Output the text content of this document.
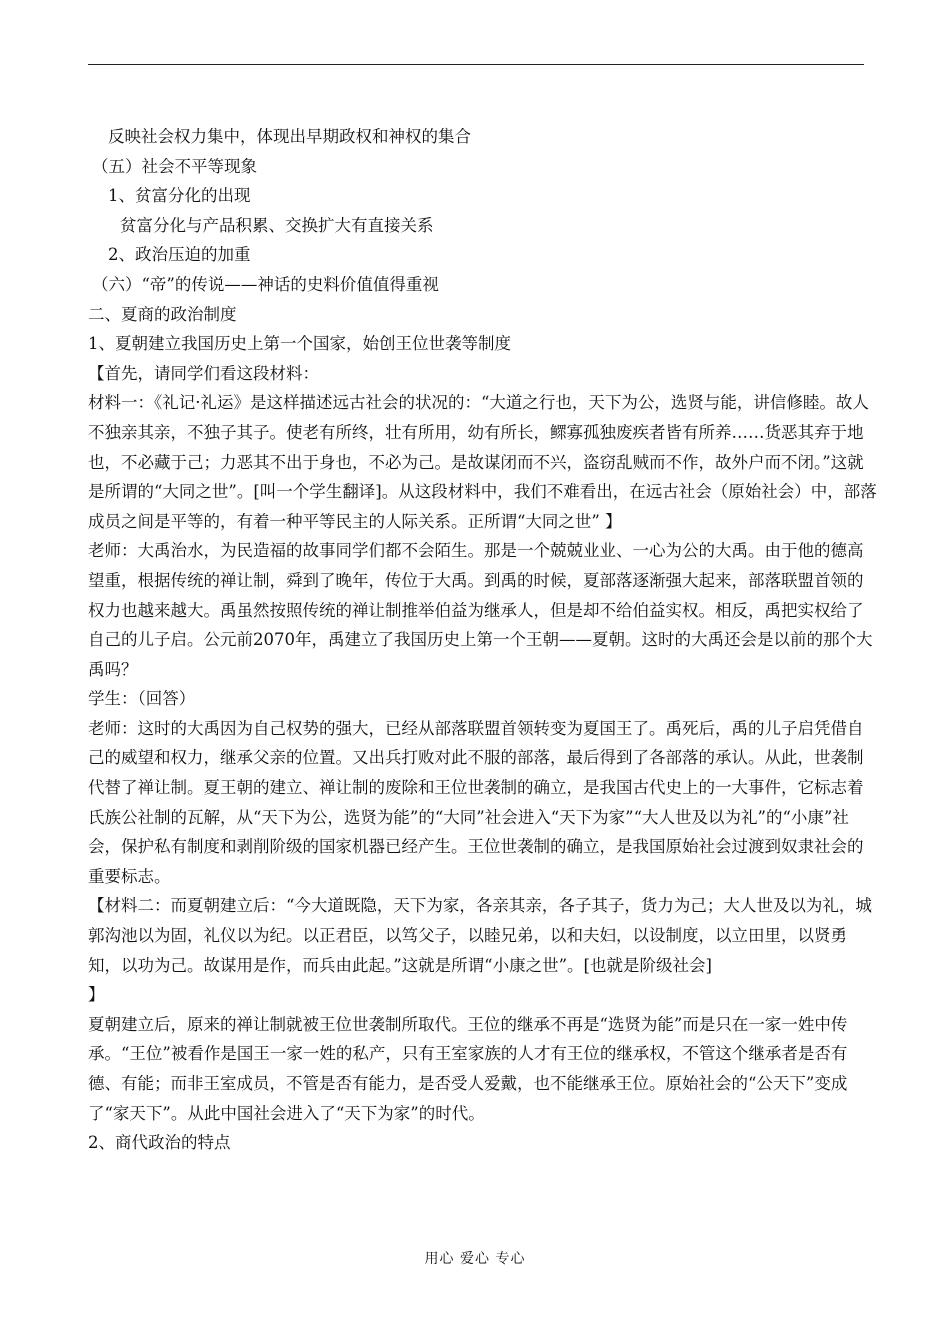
反映社会权力集中，体现出早期政权和神权的集合

（五）社会不平等现象

1、贫富分化的出现

贫富分化与产品积累、交换扩大有直接关系

2、政治压迫的加重

（六）“帝”的传说——神话的史料价值值得重视

二、夏商的政治制度

1、夏朝建立我国历史上第一个国家，始创王位世袭等制度

【首先，请同学们看这段材料：

材料一：《礼记·礼运》是这样描述远古社会的状况的：“大道之行也，天下为公，选贤与能，讲信修睦。故人不独亲其亲，不独子其子。使老有所终，壮有所用，幼有所长，鳏寡孤独废疾者皆有所养……货恶其弃于地也，不必藏于己；力恶其不出于身也，不必为己。是故谋闭而不兴，盗窃乱贼而不作，故外户而不闭。”这就是所谓的“大同之世”。[叫一个学生翻译]。从这段材料中，我们不难看出，在远古社会（原始社会）中，部落成员之间是平等的，有着一种平等民主的人际关系。正所谓“大同之世” 】

老师：大禹治水，为民造福的故事同学们都不会陌生。那是一个兢兢业业、一心为公的大禹。由于他的德高望重，根据传统的禅让制，舜到了晚年，传位于大禹。到禹的时候，夏部落逐渐强大起来，部落联盟首领的权力也越来越大。禹虽然按照传统的禅让制推举伯益为继承人，但是却不给伯益实权。相反，禹把实权给了自己的儿子启。公元前2070年，禹建立了我国历史上第一个王朝——夏朝。这时的大禹还会是以前的那个大禹吗？

学生：（回答）

老师：这时的大禹因为自己权势的强大，已经从部落联盟首领转变为夏国王了。禹死后，禹的儿子启凭借自己的威望和权力，继承父亲的位置。又出兵打败对此不服的部落，最后得到了各部落的承认。从此，世袭制代替了禅让制。夏王朝的建立、禅让制的废除和王位世袭制的确立，是我国古代史上的一大事件，它标志着氏族公社制的瓦解，从“天下为公，选贤为能”的“大同”社会进入“天下为家”“大人世及以为礼”的“小康”社会，保护私有制度和剥削阶级的国家机器已经产生。王位世袭制的确立，是我国原始社会过渡到奴隶社会的重要标志。

【材料二：而夏朝建立后：“今大道既隐，天下为家，各亲其亲，各子其子，货力为己；大人世及以为礼，城郭沟池以为固，礼仪以为纪。以正君臣，以笃父子，以睦兄弟，以和夫妇，以设制度，以立田里，以贤勇知，以功为己。故谋用是作，而兵由此起。”这就是所谓“小康之世”。[也就是阶级社会]

】

夏朝建立后，原来的禅让制就被王位世袭制所取代。王位的继承不再是“选贤为能”而是只在一家一姓中传承。“王位”被看作是国王一家一姓的私产，只有王室家族的人才有王位的继承权，不管这个继承者是否有德、有能；而非王室成员，不管是否有能力，是否受人爱戴，也不能继承王位。原始社会的“公天下”变成了“家天下”。从此中国社会进入了“天下为家”的时代。

2、商代政治的特点

用心 爱心 专心
